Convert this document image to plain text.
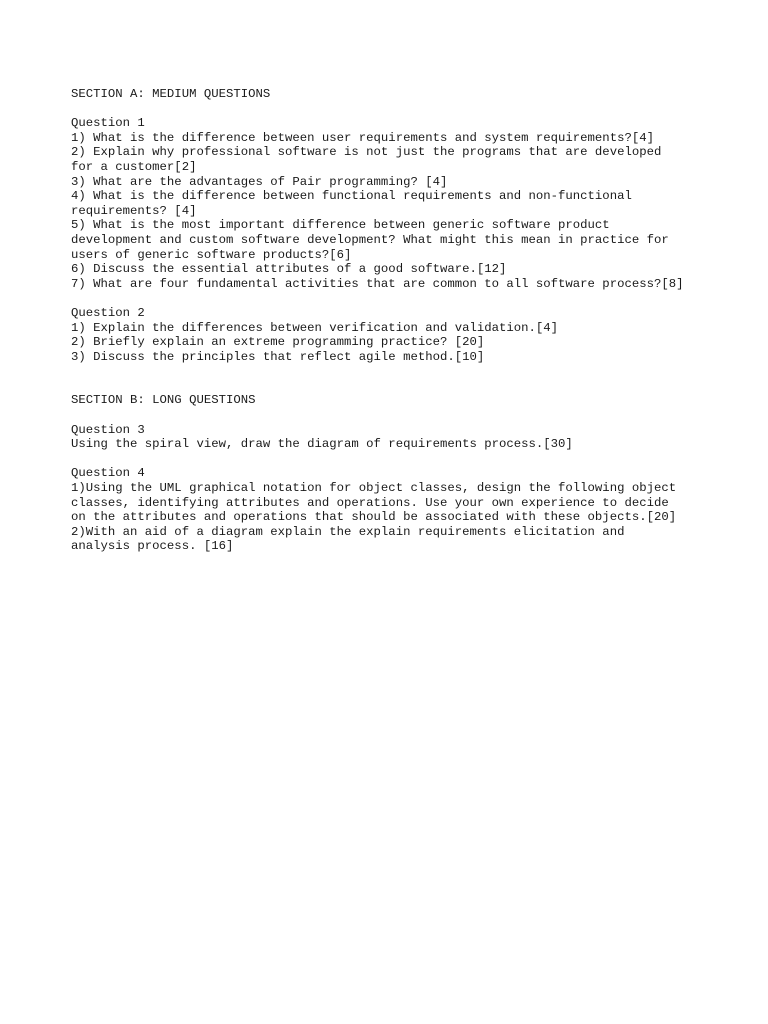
SECTION A: MEDIUM QUESTIONS
Question 1
1) What is the difference between user requirements and system requirements?[4]
2) Explain why professional software is not just the programs that are developed
for a customer[2]
3) What are the advantages of Pair programming? [4]
4) What is the difference between functional requirements and non-functional
requirements? [4]
5) What is the most important difference between generic software product
development and custom software development? What might this mean in practice for
users of generic software products?[6]
6) Discuss the essential attributes of a good software.[12]
7) What are four fundamental activities that are common to all software process?[8]
Question 2
1) Explain the differences between verification and validation.[4]
2) Briefly explain an extreme programming practice? [20]
3) Discuss the principles that reflect agile method.[10]
SECTION B: LONG QUESTIONS
Question 3
Using the spiral view, draw the diagram of requirements process.[30]
Question 4
1)Using the UML graphical notation for object classes, design the following object
classes, identifying attributes and operations. Use your own experience to decide
on the attributes and operations that should be associated with these objects.[20]
2)With an aid of a diagram explain the explain requirements elicitation and
analysis process. [16]
